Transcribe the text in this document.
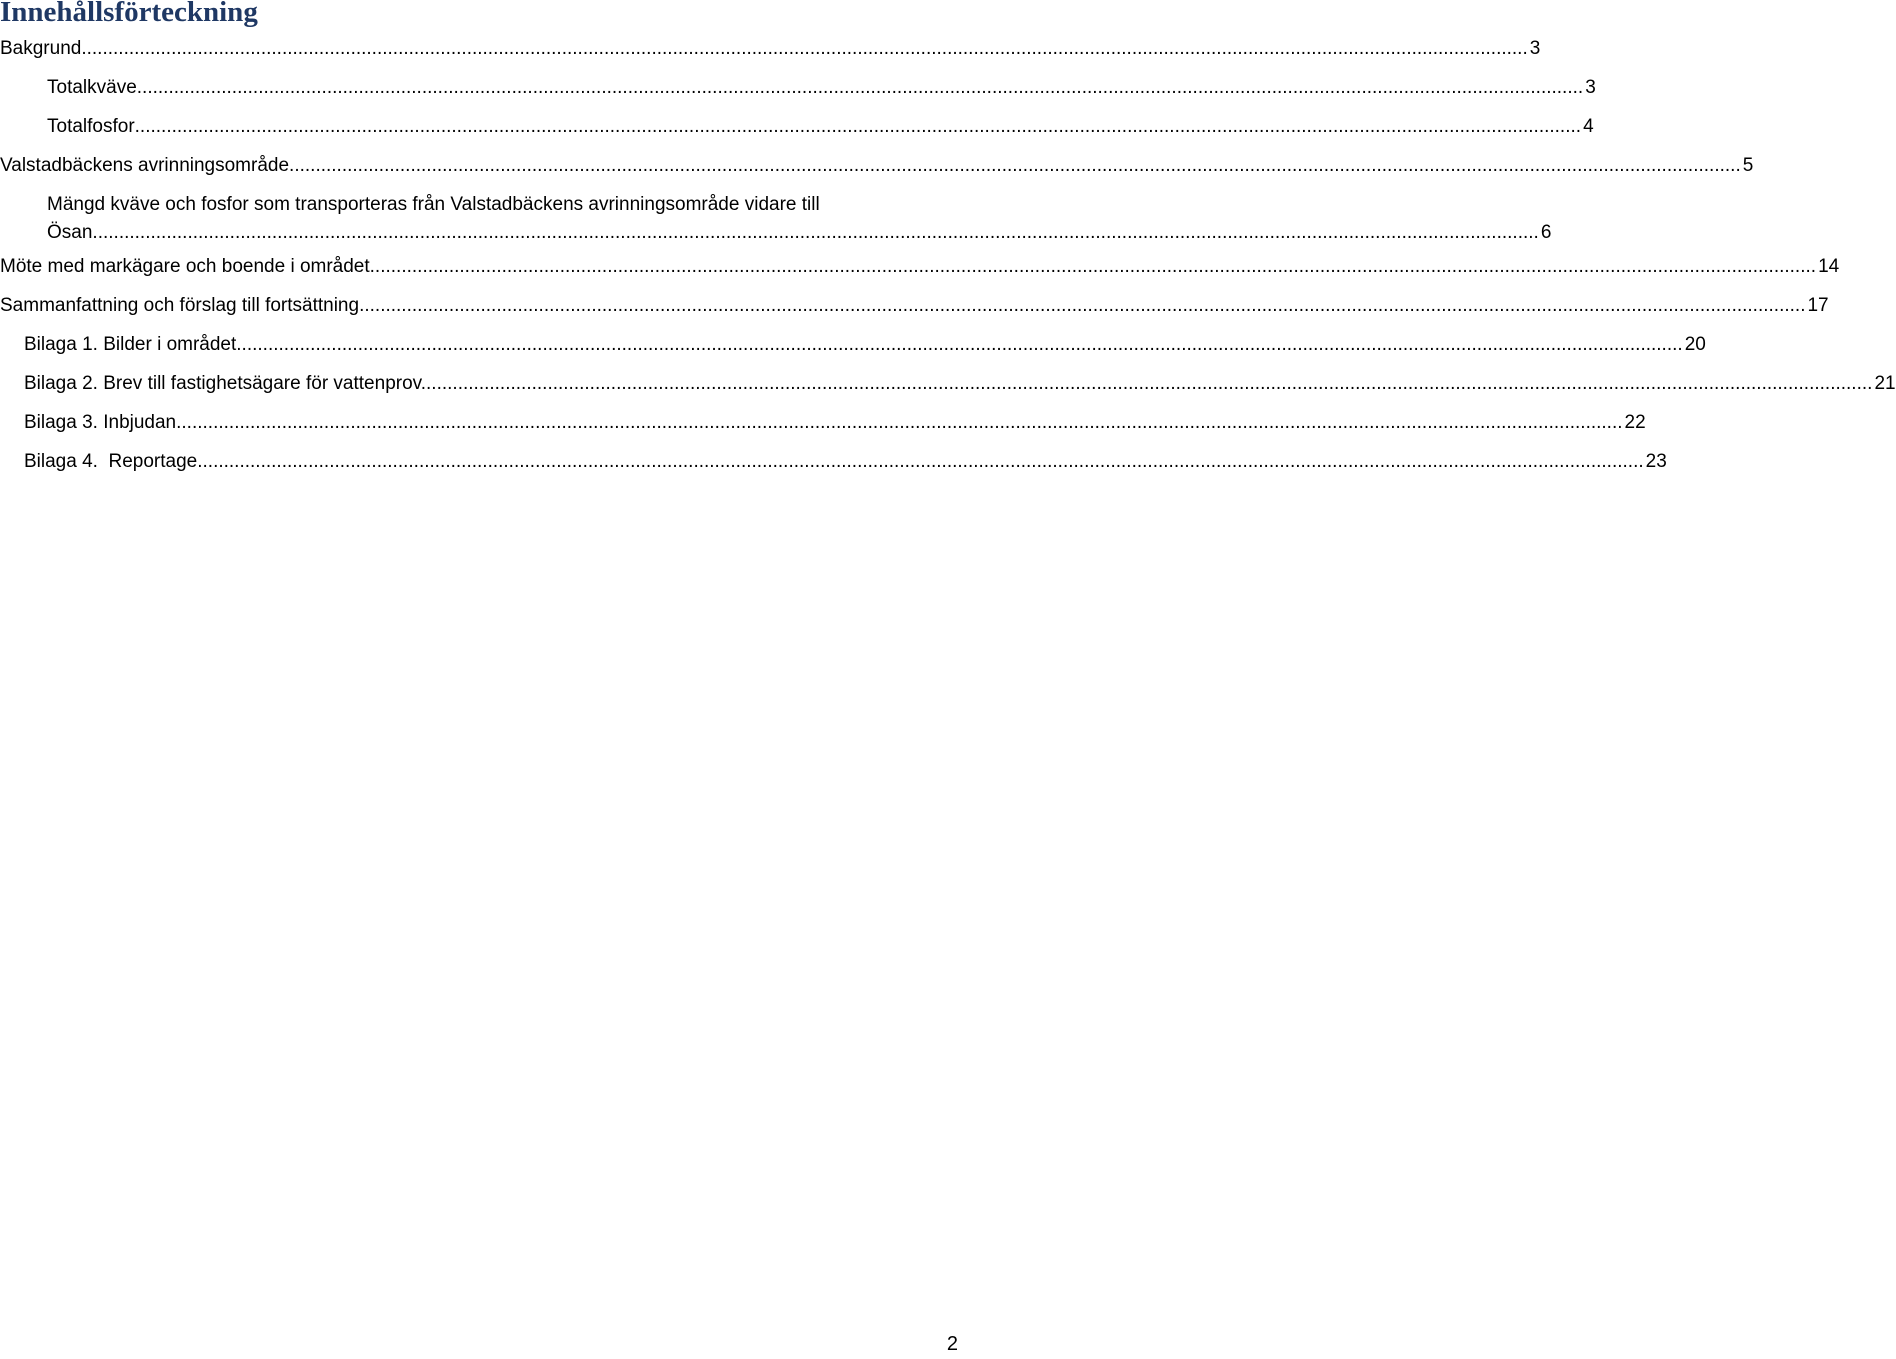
Innehållsförteckning
Bakgrund .................................................................................................................................................................................................................................................................................. 3
Totalkväve .................................................................................................................................................................................................................................................................................. 3
Totalfosfor .................................................................................................................................................................................................................................................................................. 4
Valstadbäckens avrinningsområde. .................................................................................................................................................................................................................................................................................. 5
Mängd kväve och fosfor som transporteras från Valstadbäckens avrinningsområde vidare till
Ösan .................................................................................................................................................................................................................................................................................. 6
Möte med markägare och boende i området .................................................................................................................................................................................................................................................................................. 14
Sammanfattning och förslag till fortsättning .................................................................................................................................................................................................................................................................................. 17
Bilaga 1. Bilder i området .................................................................................................................................................................................................................................................................................. 20
Bilaga 2. Brev till fastighetsägare för vattenprov. .................................................................................................................................................................................................................................................................................. 21
Bilaga 3. Inbjudan .................................................................................................................................................................................................................................................................................. 22
Bilaga 4.  Reportage .................................................................................................................................................................................................................................................................................. 23
2
